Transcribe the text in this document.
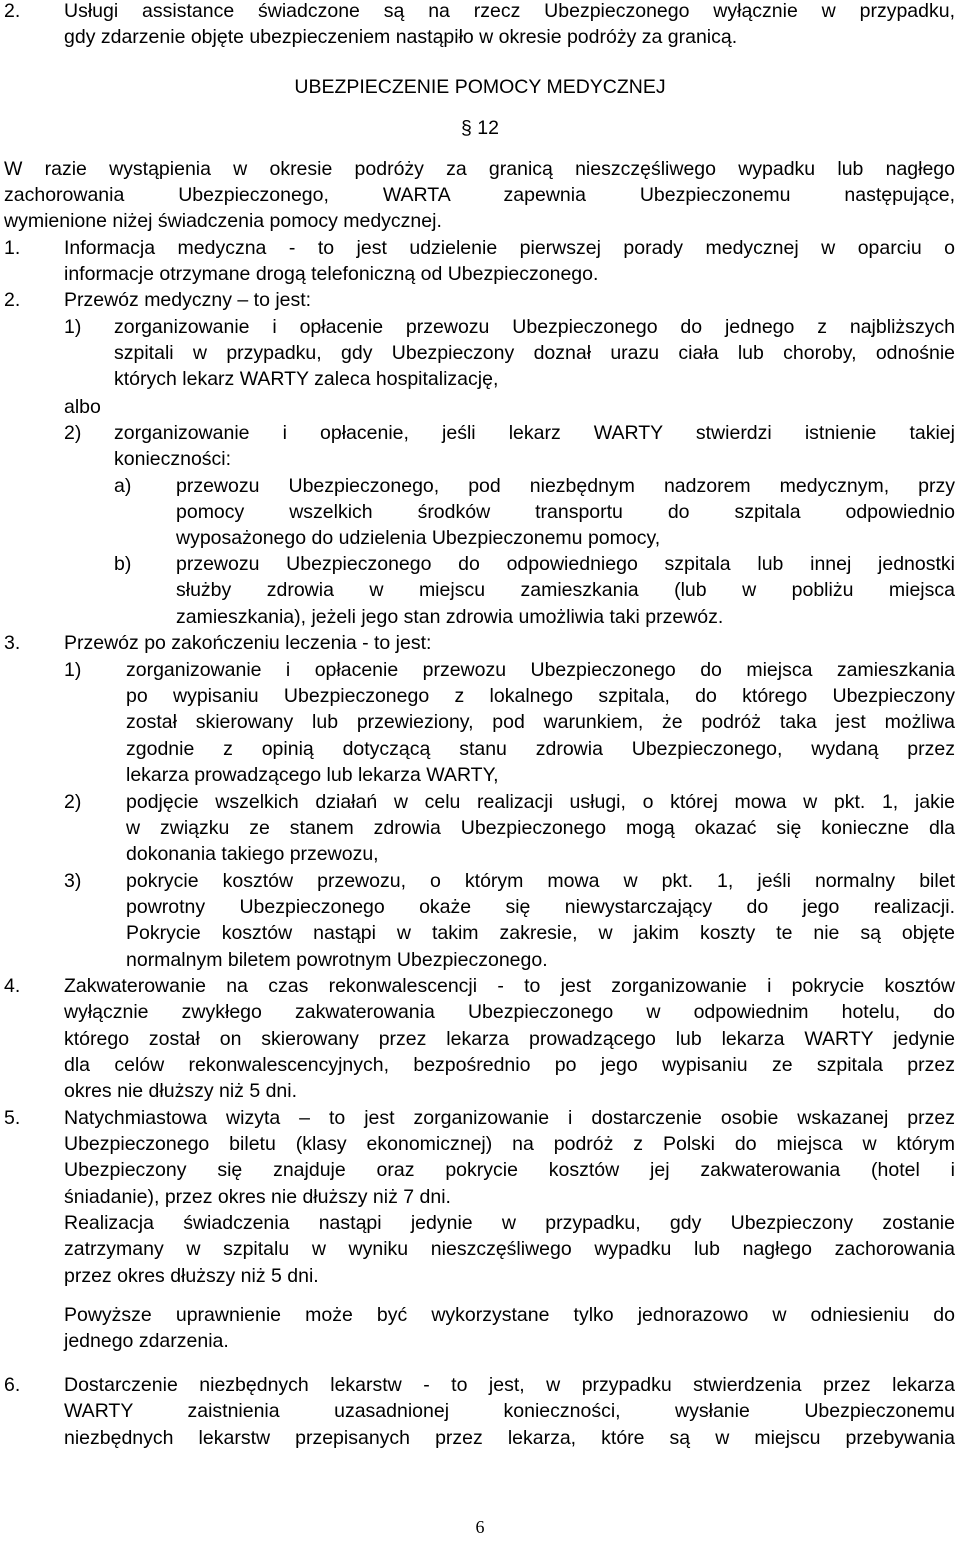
2. Usługi assistance świadczone są na rzecz Ubezpieczonego wyłącznie w przypadku,
gdy zdarzenie objęte ubezpieczeniem nastąpiło w okresie podróży za granicą.
UBEZPIECZENIE POMOCY MEDYCZNEJ
§ 12
W razie wystąpienia w okresie podróży za granicą nieszczęśliwego wypadku lub nagłego
zachorowania Ubezpieczonego, WARTA zapewnia Ubezpieczonemu następujące,
wymienione niżej świadczenia pomocy medycznej.
1. Informacja medyczna - to jest udzielenie pierwszej porady medycznej w oparciu o
informacje otrzymane drogą telefoniczną od Ubezpieczonego.
2. Przewóz medyczny – to jest:
1) zorganizowanie i opłacenie przewozu Ubezpieczonego do jednego z najbliższych
szpitali w przypadku, gdy Ubezpieczony doznał urazu ciała lub choroby, odnośnie
których lekarz WARTY zaleca hospitalizację,
albo
2) zorganizowanie i opłacenie, jeśli lekarz WARTY stwierdzi istnienie takiej
konieczności:
a) przewozu Ubezpieczonego, pod niezbędnym nadzorem medycznym, przy
pomocy wszelkich środków transportu do szpitala odpowiednio
wyposażonego do udzielenia Ubezpieczonemu pomocy,
b) przewozu Ubezpieczonego do odpowiedniego szpitala lub innej jednostki
służby zdrowia w miejscu zamieszkania (lub w pobliżu miejsca
zamieszkania), jeżeli jego stan zdrowia umożliwia taki przewóz.
3. Przewóz po zakończeniu leczenia - to jest:
1) zorganizowanie i opłacenie przewozu Ubezpieczonego do miejsca zamieszkania
po wypisaniu Ubezpieczonego z lokalnego szpitala, do którego Ubezpieczony
został skierowany lub przewieziony, pod warunkiem, że podróż taka jest możliwa
zgodnie z opinią dotyczącą stanu zdrowia Ubezpieczonego, wydaną przez
lekarza prowadzącego lub lekarza WARTY,
2) podjęcie wszelkich działań w celu realizacji usługi, o której mowa w pkt. 1, jakie
w związku ze stanem zdrowia Ubezpieczonego mogą okazać się konieczne dla
dokonania takiego przewozu,
3) pokrycie kosztów przewozu, o którym mowa w pkt. 1, jeśli normalny bilet
powrotny Ubezpieczonego okaże się niewystarczający do jego realizacji.
Pokrycie kosztów nastąpi w takim zakresie, w jakim koszty te nie są objęte
normalnym biletem powrotnym Ubezpieczonego.
4. Zakwaterowanie na czas rekonwalescencji - to jest zorganizowanie i pokrycie kosztów
wyłącznie zwykłego zakwaterowania Ubezpieczonego w odpowiednim hotelu, do
którego został on skierowany przez lekarza prowadzącego lub lekarza WARTY jedynie
dla celów rekonwalescencyjnych, bezpośrednio po jego wypisaniu ze szpitala przez
okres nie dłuższy niż 5 dni.
5. Natychmiastowa wizyta – to jest zorganizowanie i dostarczenie osobie wskazanej przez
Ubezpieczonego biletu (klasy ekonomicznej) na podróż z Polski do miejsca w którym
Ubezpieczony się znajduje oraz pokrycie kosztów jej zakwaterowania (hotel i
śniadanie), przez okres nie dłuższy niż 7 dni.
Realizacja świadczenia nastąpi jedynie w przypadku, gdy Ubezpieczony zostanie
zatrzymany w szpitalu w wyniku nieszczęśliwego wypadku lub nagłego zachorowania
przez okres dłuższy niż 5 dni.
Powyższe uprawnienie może być wykorzystane tylko jednorazowo w odniesieniu do
jednego zdarzenia.
6. Dostarczenie niezbędnych lekarstw - to jest, w przypadku stwierdzenia przez lekarza
WARTY zaistnienia uzasadnionej konieczności, wysłanie Ubezpieczonemu
niezbędnych lekarstw przepisanych przez lekarza, które są w miejscu przebywania
6
